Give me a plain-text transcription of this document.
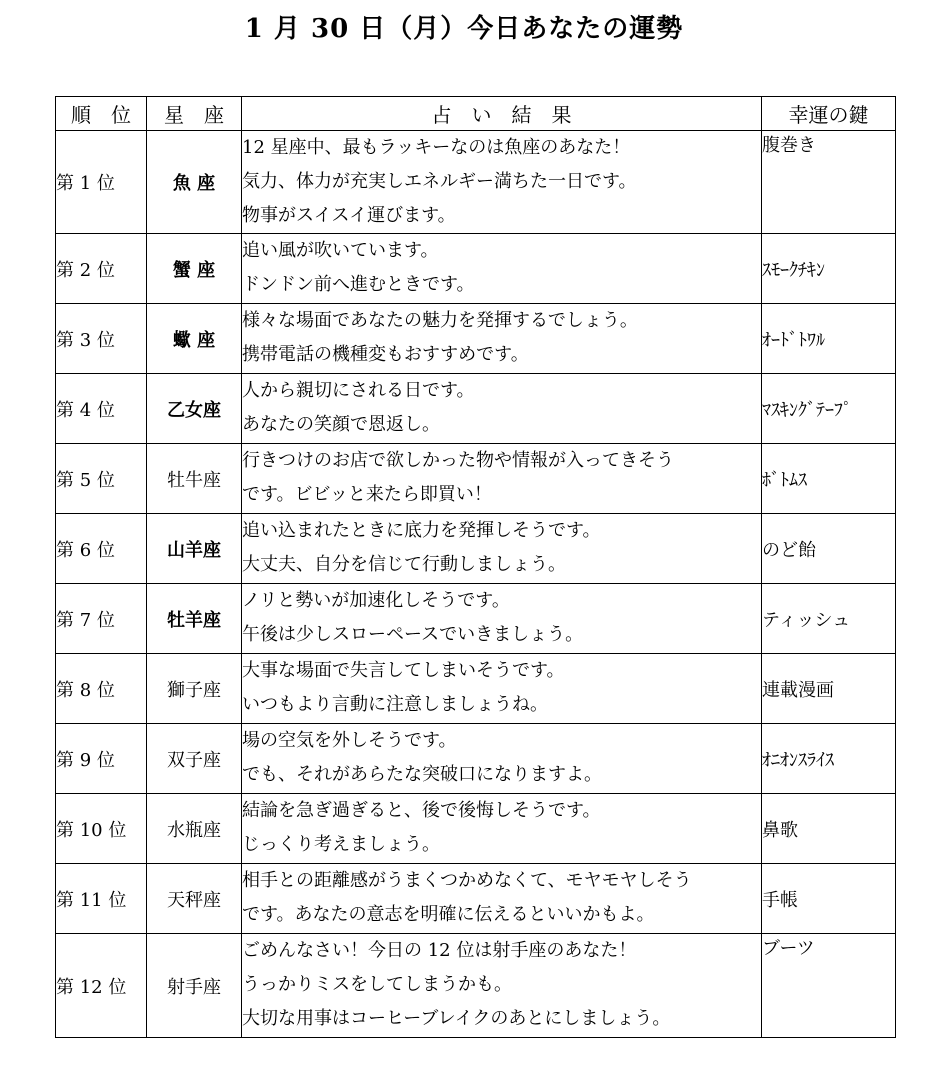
1 月 30 日（月）今日あなたの運勢
順　位	星　座	占　い　結　果	幸運の鍵
第 1 位	魚 座	12 星座中、最もラッキーなのは魚座のあなた！
気力、体力が充実しエネルギー満ちた一日です。
物事がスイスイ運びます。	腹巻き
第 2 位	蟹 座	追い風が吹いています。
ドンドン前へ進むときです。	ｽﾓｰｸﾁｷﾝ
第 3 位	蠍 座	様々な場面であなたの魅力を発揮するでしょう。
携帯電話の機種変もおすすめです。	ｵｰﾄﾞﾄﾜﾙ
第 4 位	乙女座	人から親切にされる日です。
あなたの笑顔で恩返し。	ﾏｽｷﾝｸﾞﾃｰﾌﾟ
第 5 位	牡牛座	行きつけのお店で欲しかった物や情報が入ってきそう
です。ビビッと来たら即買い！	ﾎﾞﾄﾑｽ
第 6 位	山羊座	追い込まれたときに底力を発揮しそうです。
大丈夫、自分を信じて行動しましょう。	のど飴
第 7 位	牡羊座	ノリと勢いが加速化しそうです。
午後は少しスローペースでいきましょう。	ティッシュ
第 8 位	獅子座	大事な場面で失言してしまいそうです。
いつもより言動に注意しましょうね。	連載漫画
第 9 位	双子座	場の空気を外しそうです。
でも、それがあらたな突破口になりますよ。	ｵﾆｵﾝｽﾗｲｽ
第 10 位	水瓶座	結論を急ぎ過ぎると、後で後悔しそうです。
じっくり考えましょう。	鼻歌
第 11 位	天秤座	相手との距離感がうまくつかめなくて、モヤモヤしそう
です。あなたの意志を明確に伝えるといいかもよ。	手帳
第 12 位	射手座	ごめんなさい！今日の 12 位は射手座のあなた！
うっかりミスをしてしまうかも。
大切な用事はコーヒーブレイクのあとにしましょう。	ブーツ
